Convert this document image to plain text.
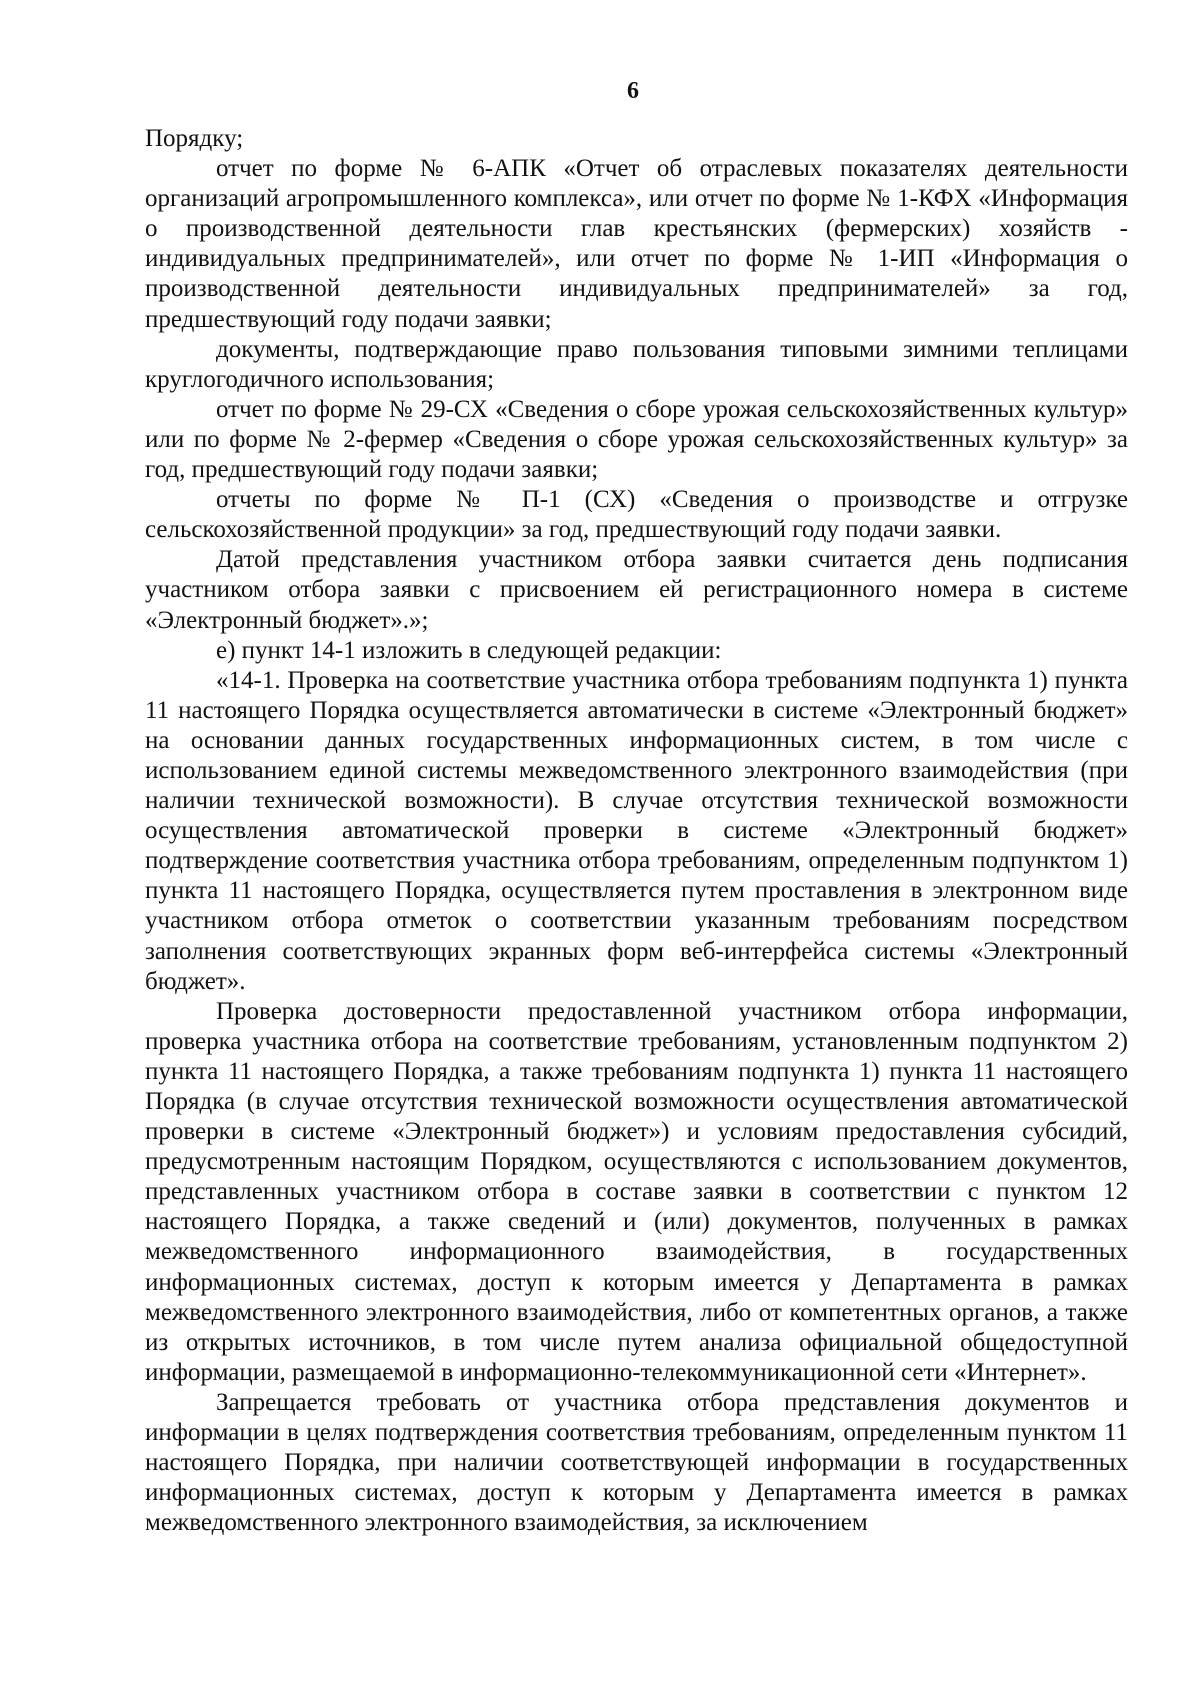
6

Порядку;

отчет по форме № 6-АПК «Отчет об отраслевых показателях деятельности организаций агропромышленного комплекса», или отчет по форме № 1-КФХ «Информация о производственной деятельности глав крестьянских (фермерских) хозяйств - индивидуальных предпринимателей», или отчет по форме № 1-ИП «Информация о производственной деятельности индивидуальных предпринимателей» за год, предшествующий году подачи заявки;

документы, подтверждающие право пользования типовыми зимними теплицами круглогодичного использования;

отчет по форме № 29-СХ «Сведения о сборе урожая сельскохозяйственных культур» или по форме № 2-фермер «Сведения о сборе урожая сельскохозяйственных культур» за год, предшествующий году подачи заявки;

отчеты по форме № П-1 (СХ) «Сведения о производстве и отгрузке сельскохозяйственной продукции» за год, предшествующий году подачи заявки.

Датой представления участником отбора заявки считается день подписания участником отбора заявки с присвоением ей регистрационного номера в системе «Электронный бюджет».»;

е) пункт 14-1 изложить в следующей редакции:

«14-1. Проверка на соответствие участника отбора требованиям подпункта 1) пункта 11 настоящего Порядка осуществляется автоматически в системе «Электронный бюджет» на основании данных государственных информационных систем, в том числе с использованием единой системы межведомственного электронного взаимодействия (при наличии технической возможности). В случае отсутствия технической возможности осуществления автоматической проверки в системе «Электронный бюджет» подтверждение соответствия участника отбора требованиям, определенным подпунктом 1) пункта 11 настоящего Порядка, осуществляется путем проставления в электронном виде участником отбора отметок о соответствии указанным требованиям посредством заполнения соответствующих экранных форм веб-интерфейса системы «Электронный бюджет».

Проверка достоверности предоставленной участником отбора информации, проверка участника отбора на соответствие требованиям, установленным подпунктом 2) пункта 11 настоящего Порядка, а также требованиям подпункта 1) пункта 11 настоящего Порядка (в случае отсутствия технической возможности осуществления автоматической проверки в системе «Электронный бюджет») и условиям предоставления субсидий, предусмотренным настоящим Порядком, осуществляются с использованием документов, представленных участником отбора в составе заявки в соответствии с пунктом 12 настоящего Порядка, а также сведений и (или) документов, полученных в рамках межведомственного информационного взаимодействия, в государственных информационных системах, доступ к которым имеется у Департамента в рамках межведомственного электронного взаимодействия, либо от компетентных органов, а также из открытых источников, в том числе путем анализа официальной общедоступной информации, размещаемой в информационно-телекоммуникационной сети «Интернет».

Запрещается требовать от участника отбора представления документов и информации в целях подтверждения соответствия требованиям, определенным пунктом 11 настоящего Порядка, при наличии соответствующей информации в государственных информационных системах, доступ к которым у Департамента имеется в рамках межведомственного электронного взаимодействия, за исключением
